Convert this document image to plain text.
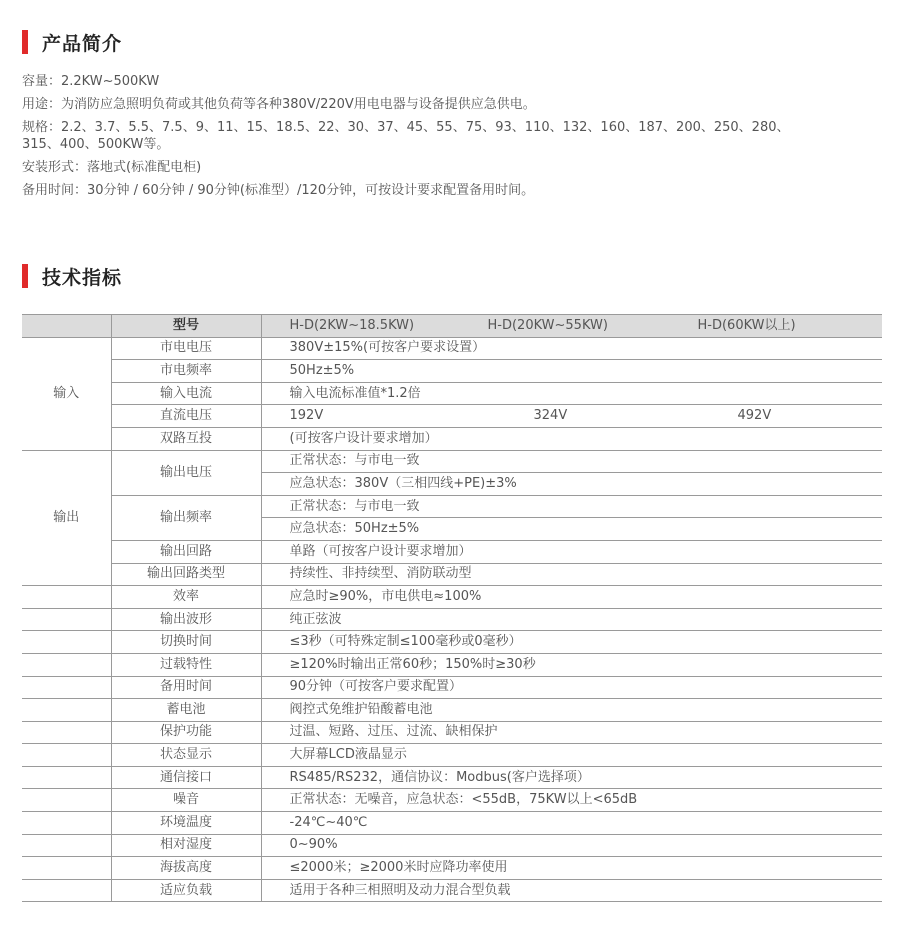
产品简介
容量：2.2KW~500KW
用途：为消防应急照明负荷或其他负荷等各种380V/220V用电电器与设备提供应急供电。
规格：2.2、3.7、5.5、7.5、9、11、15、18.5、22、30、37、45、55、75、93、110、132、160、187、200、250、280、
315、400、500KW等。
安装形式：落地式(标准配电柜)
备用时间：30分钟 / 60分钟 / 90分钟(标准型）/120分钟，可按设计要求配置备用时间。
技术指标
	型号	H-D(2KW~18.5KW) H-D(20KW~55KW) H-D(60KW以上)

输入	市电电压	380V±15%(可按客户要求设置）
	市电频率	50Hz±5%
	输入电流	输入电流标准值*1.2倍
	直流电压	192V 324V 492V

	双路互投	(可按客户设计要求增加）
输出	输出电压	正常状态：与市电一致
		应急状态：380V（三相四线+PE)±3%
	输出频率	正常状态：与市电一致
		应急状态：50Hz±5%
	输出回路	单路（可按客户设计要求增加）
	输出回路类型	持续性、非持续型、消防联动型
	效率	应急时≥90%，市电供电≈100%
	输出波形	纯正弦波
	切换时间	≤3秒（可特殊定制≤100毫秒或0毫秒）
	过载特性	≥120%时输出正常60秒；150%时≥30秒
	备用时间	90分钟（可按客户要求配置）
	蓄电池	阀控式免维护铅酸蓄电池
	保护功能	过温、短路、过压、过流、缺相保护
	状态显示	大屏幕LCD液晶显示
	通信接口	RS485/RS232，通信协议：Modbus(客户选择项）
	噪音	正常状态：无噪音，应急状态：<55dB，75KW以上<65dB
	环境温度	-24℃~40℃
	相对湿度	0~90%
	海拔高度	≤2000米；≥2000米时应降功率使用
	适应负载	适用于各种三相照明及动力混合型负载
